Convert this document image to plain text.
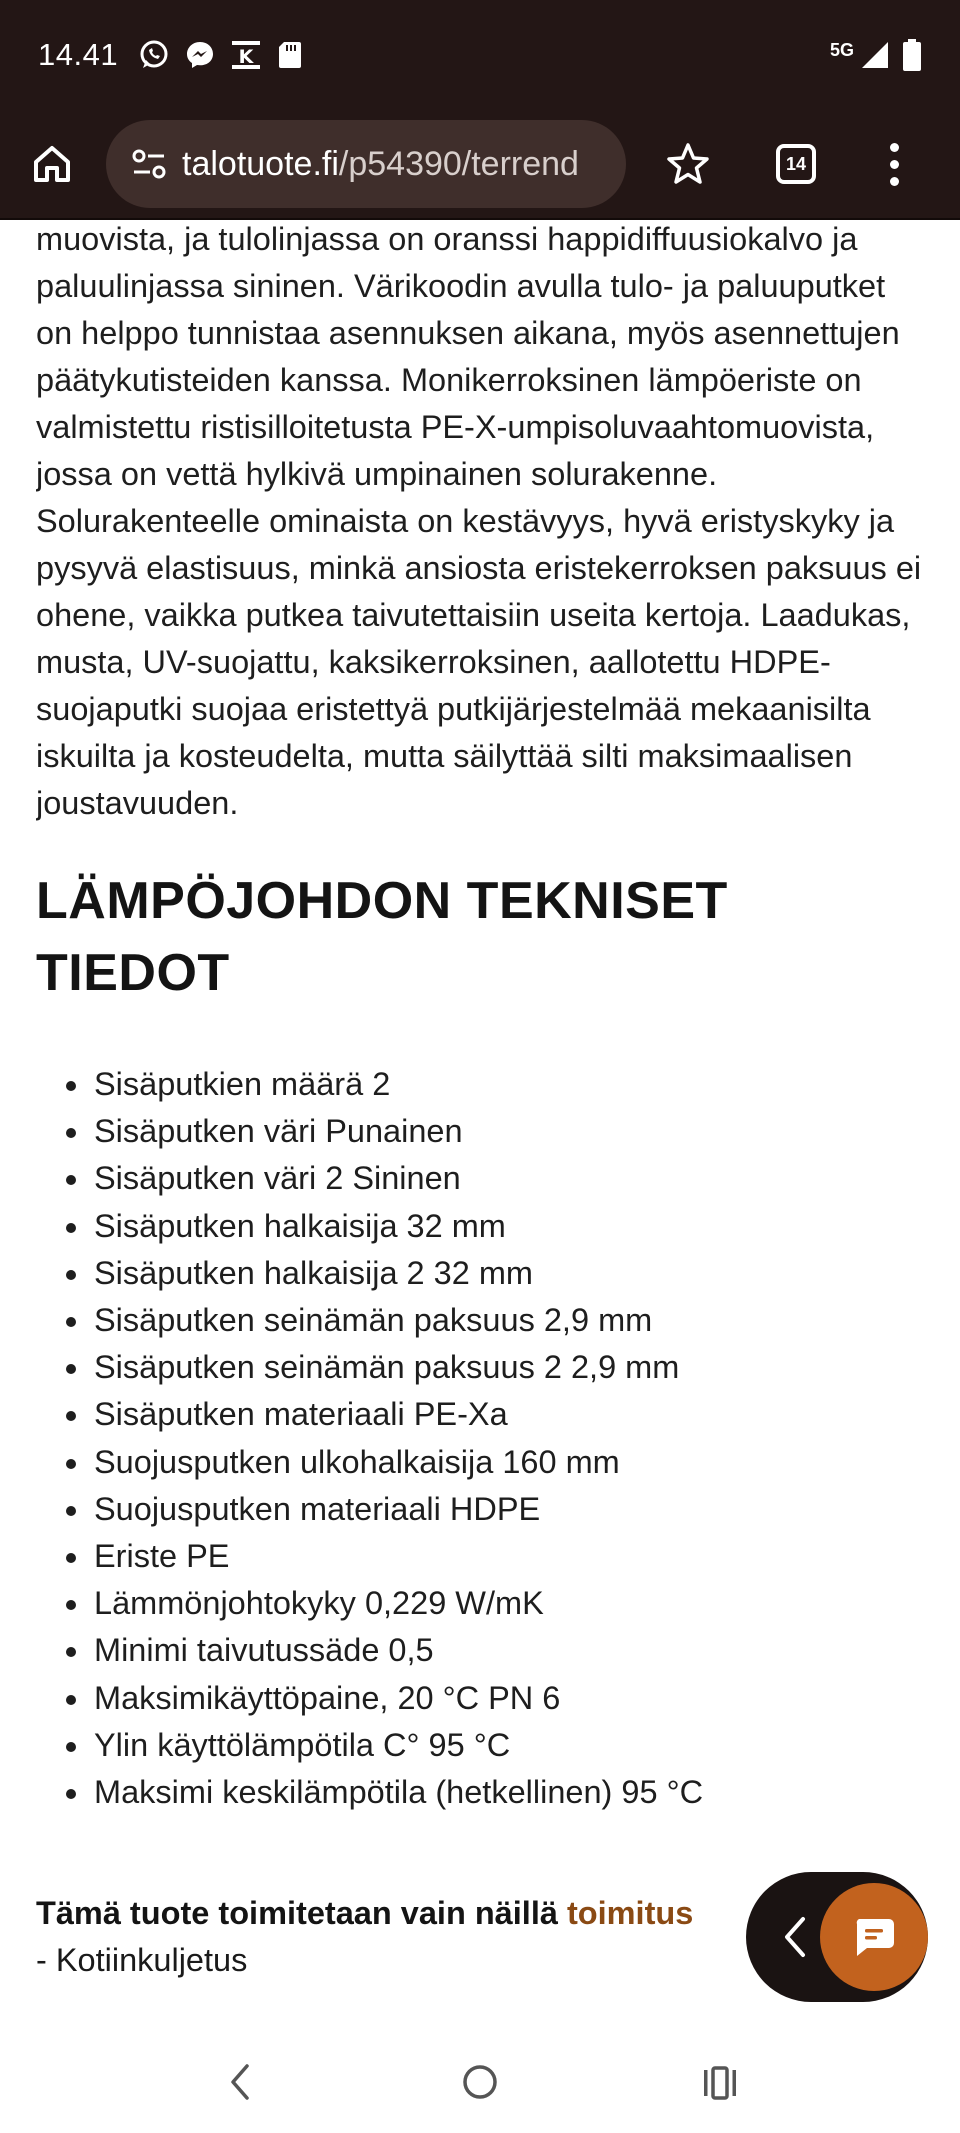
14.41	K	5G
talotuote.fi/p54390/terrend	14

muovista, ja tulolinjassa on oranssi happidiffuusiokalvo ja paluulinjassa sininen. Värikoodin avulla tulo- ja paluuputket on helppo tunnistaa asennuksen aikana, myös asennettujen päätykutisteiden kanssa. Monikerroksinen lämpöeriste on valmistettu ristisilloitetusta PE-X-umpisoluvaahtomuovista, jossa on vettä hylkivä umpinainen solurakenne. Solurakenteelle ominaista on kestävyys, hyvä eristyskyky ja pysyvä elastisuus, minkä ansiosta eristekerroksen paksuus ei ohene, vaikka putkea taivutettaisiin useita kertoja. Laadukas, musta, UV-suojattu, kaksikerroksinen, aallotettu HDPE-suojaputki suojaa eristettyä putkijärjestelmää mekaanisilta iskuilta ja kosteudelta, mutta säilyttää silti maksimaalisen joustavuuden.

LÄMPÖJOHDON TEKNISET TIEDOT
Sisäputkien määrä 2
Sisäputken väri Punainen
Sisäputken väri 2 Sininen
Sisäputken halkaisija 32 mm
Sisäputken halkaisija 2 32 mm
Sisäputken seinämän paksuus 2,9 mm
Sisäputken seinämän paksuus 2 2,9 mm
Sisäputken materiaali PE-Xa
Suojusputken ulkohalkaisija 160 mm
Suojusputken materiaali HDPE
Eriste PE
Lämmönjohtokyky 0,229 W/mK
Minimi taivutussäde 0,5
Maksimikäyttöpaine, 20 °C PN 6
Ylin käyttölämpötila C° 95 °C
Maksimi keskilämpötila (hetkellinen) 95 °C
Tämä tuote toimitetaan vain näillä toimitus
- Kotiinkuljetus
